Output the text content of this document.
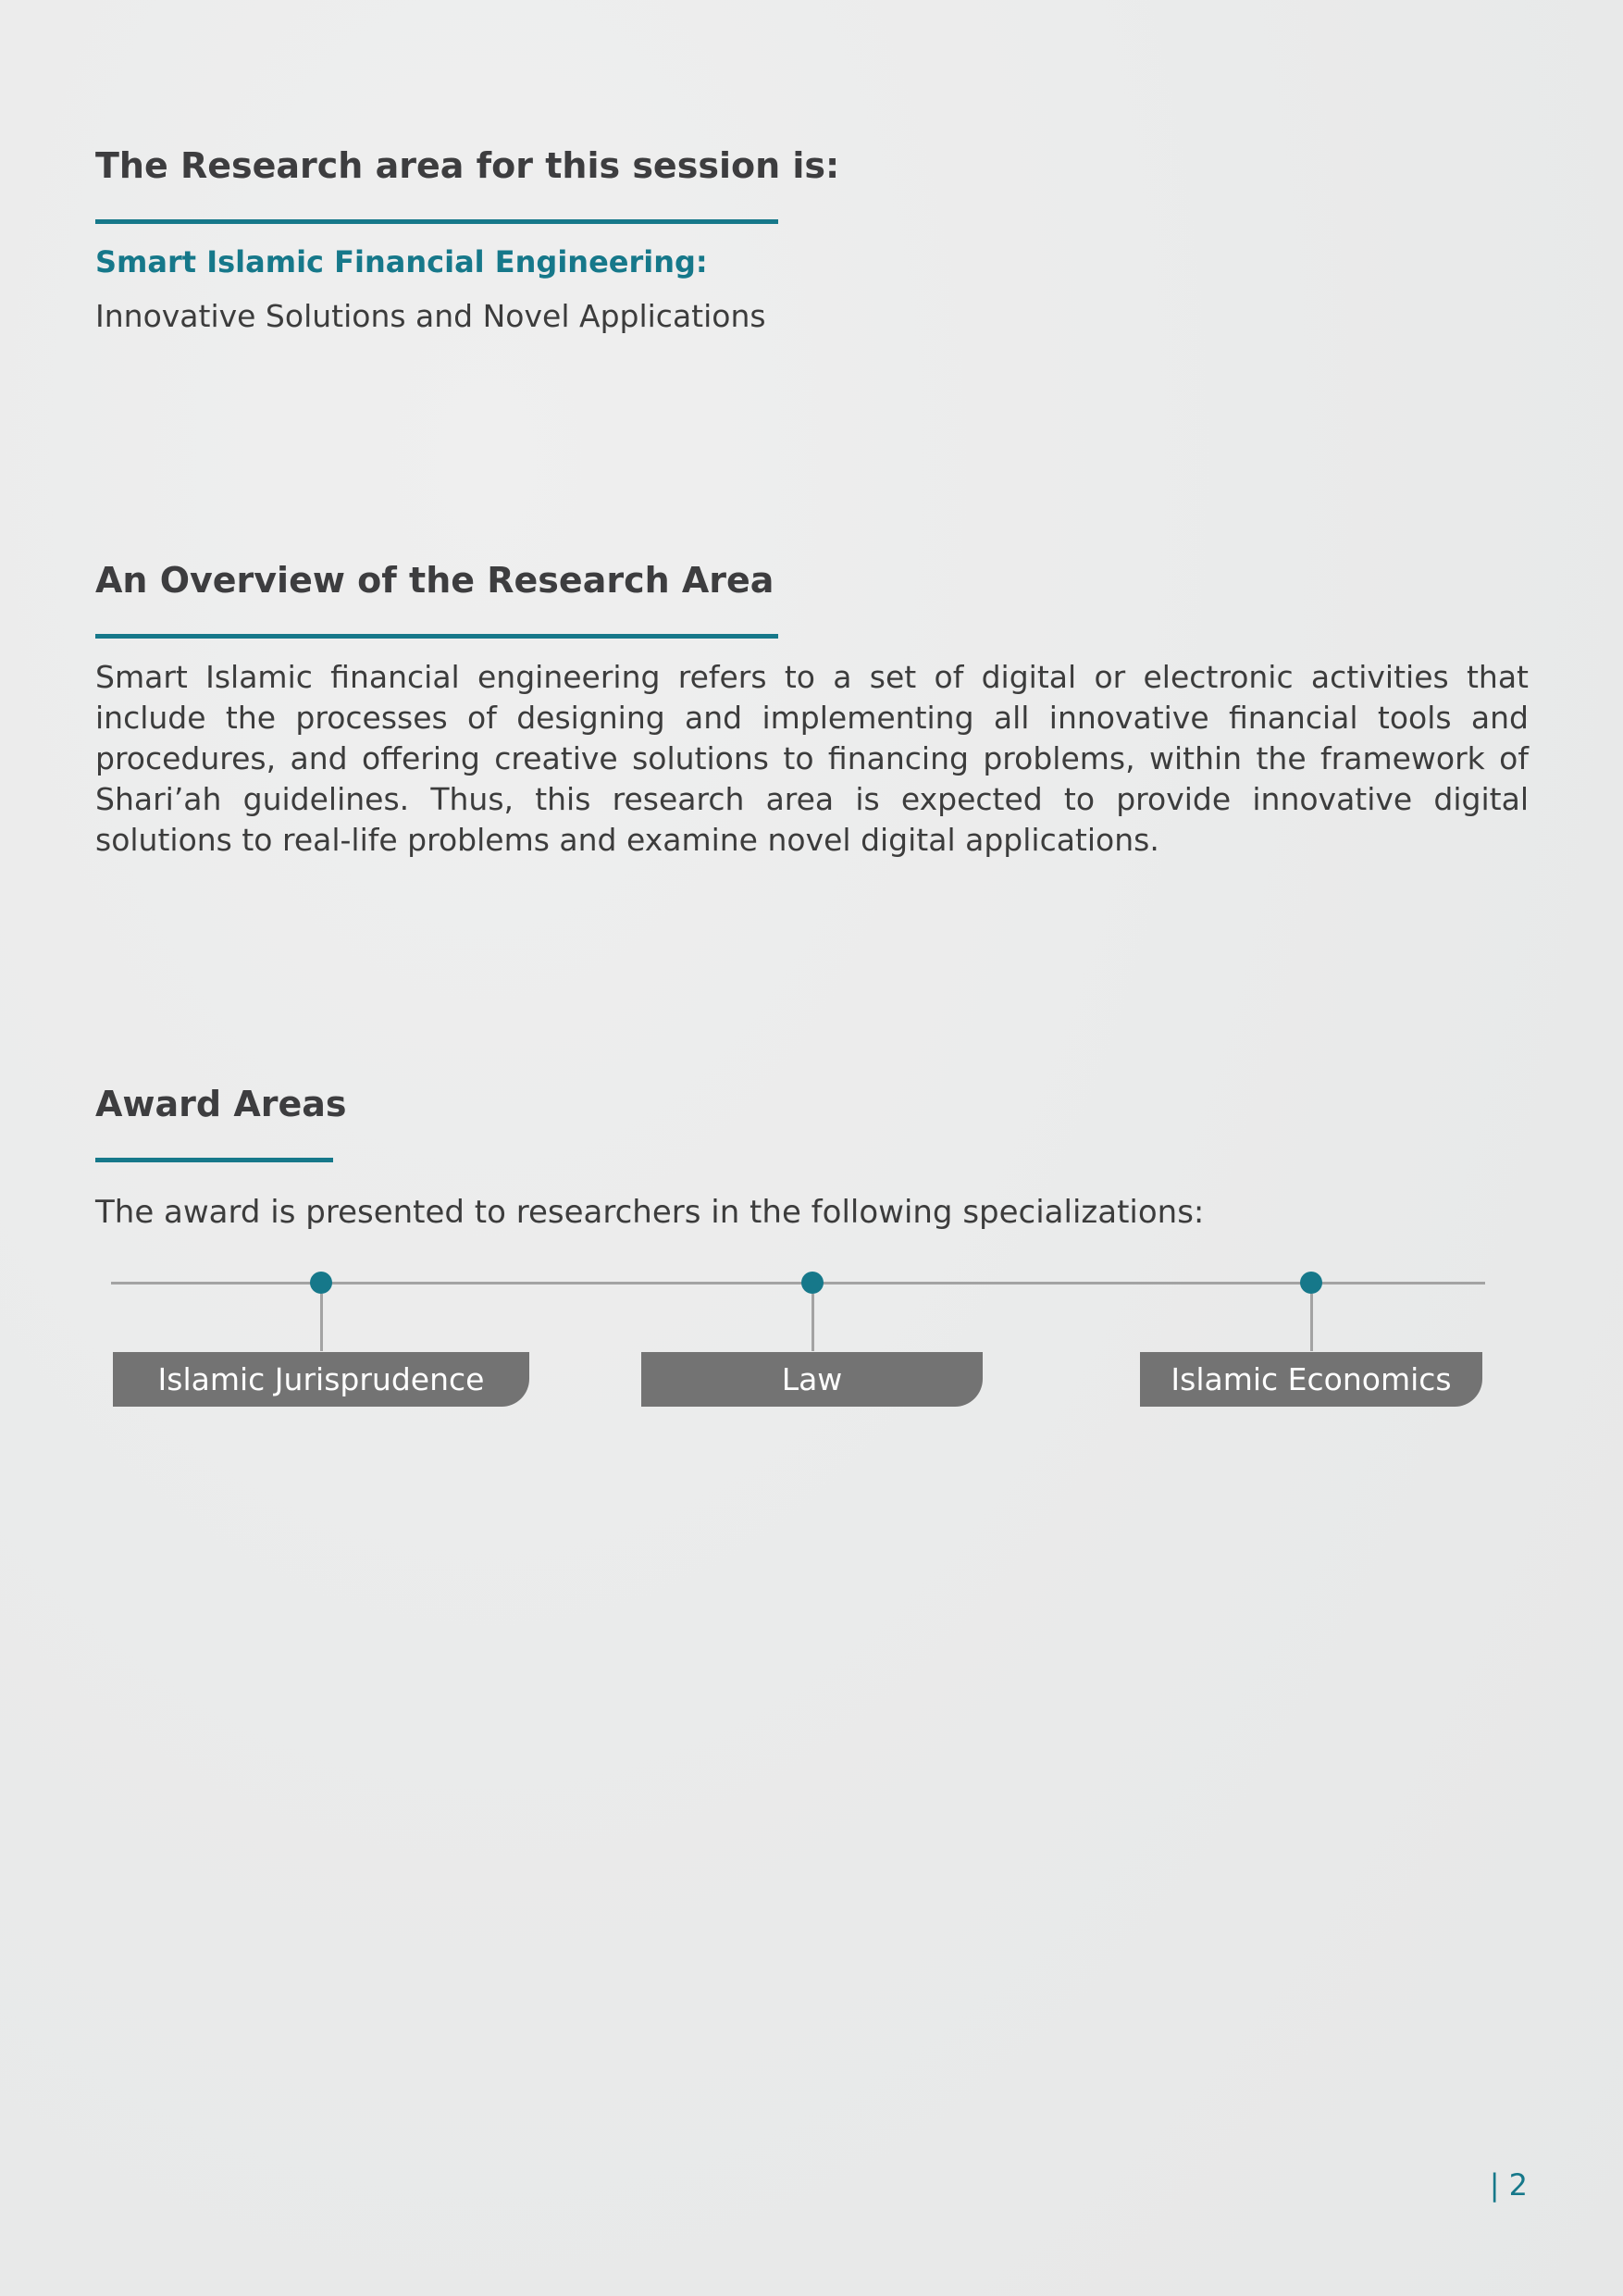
The Research area for this session is:

Smart Islamic Financial Engineering:

Innovative Solutions and Novel Applications

An Overview of the Research Area

Smart Islamic financial engineering refers to a set of digital or electronic activities that include the processes of designing and implementing all innovative financial tools and procedures, and offering creative solutions to financing problems, within the framework of Shari’ah guidelines. Thus, this research area is expected to provide innovative digital solutions to real-life problems and examine novel digital applications.

Award Areas

The award is presented to researchers in the following specializations:

Islamic Jurisprudence	Law	Islamic Economics
| 2
